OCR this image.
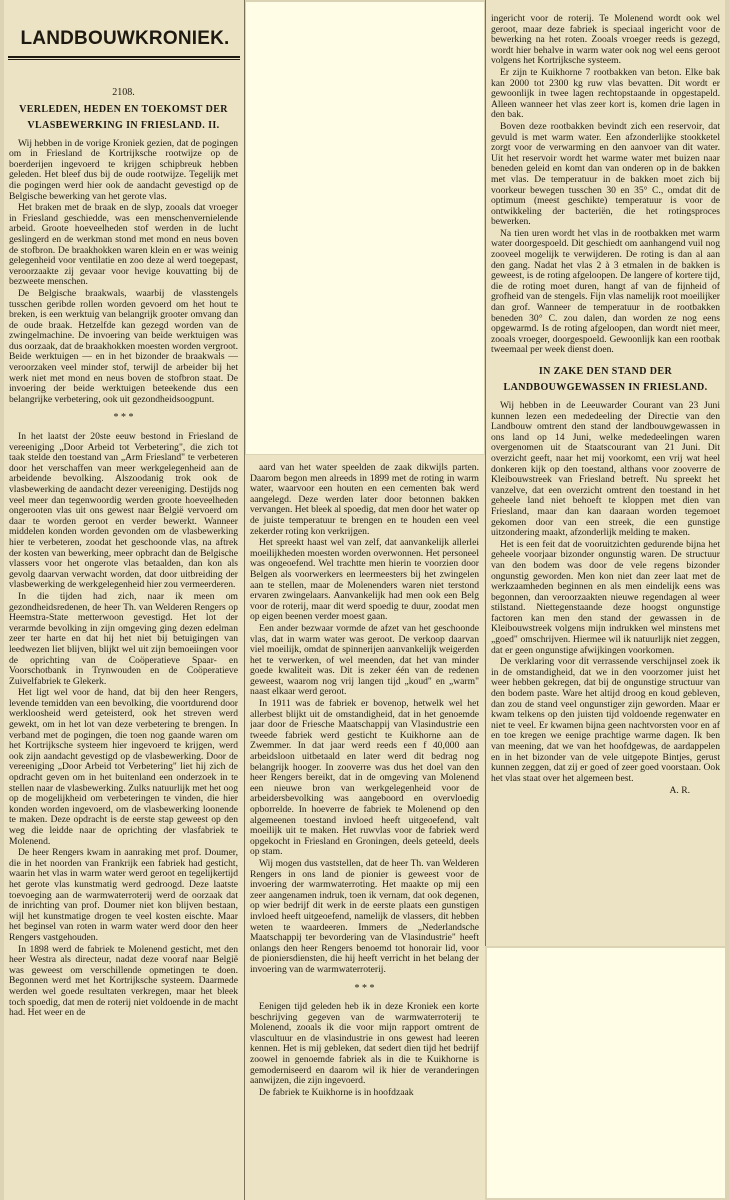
LANDBOUWKRONIEK.
2108.
VERLEDEN, HEDEN EN TOEKOMST DER VLASBEWERKING IN FRIESLAND. II.

Wij hebben in de vorige Kroniek gezien, dat de pogingen om in Friesland de Kortrijksche rootwijze op de boerderijen ingevoerd te krijgen schipbreuk hebben geleden. Het bleef dus bij de oude rootwijze. Tegelijk met die pogingen werd hier ook de aandacht gevestigd op de Belgische bewerking van het gerote vlas.

Het braken met de braak en de slyp, zooals dat vroeger in Friesland geschiedde, was een menschenvernielende arbeid. Groote hoeveelheden stof werden in de lucht geslingerd en de werkman stond met mond en neus boven de stofbron. De braakhokken waren klein en er was weinig gelegenheid voor ventilatie en zoo deze al werd toegepast, veroorzaakte zij gevaar voor hevige kouvatting bij de bezweete menschen.

De Belgische braakwals, waarbij de vlasstengels tusschen geribde rollen worden gevoerd om het hout te breken, is een werktuig van belangrijk grooter omvang dan de oude braak. Hetzelfde kan gezegd worden van de zwingelmachine. De invoering van beide werktuigen was dus oorzaak, dat de braakhokken moesten worden vergroot. Beide werktuigen — en in het bizonder de braakwals — veroorzaken veel minder stof, terwijl de arbeider bij het werk niet met mond en neus boven de stofbron staat. De invoering der beide werktuigen beteekende dus een belangrijke verbetering, ook uit gezondheidsoogpunt.

* * *

In het laatst der 20ste eeuw bestond in Friesland de vereeniging „Door Arbeid tot Verbetering", die zich tot taak stelde den toestand van „Arm Friesland" te verbeteren door het verschaffen van meer werkgelegenheid aan de arbeidende bevolking. Alszoodanig trok ook de vlasbewerking de aandacht dezer vereeniging. Destijds nog veel meer dan tegenwoordig werden groote hoeveelheden ongerooten vlas uit ons gewest naar België vervoerd om daar te worden geroot en verder bewerkt. Wanneer middelen konden worden gevonden om de vlasbewerking hier te verbeteren, zoodat het geschoonde vlas, na aftrek der kosten van bewerking, meer opbracht dan de Belgische vlassers voor het ongerote vlas betaalden, dan kon als gevolg daarvan verwacht worden, dat door uitbreiding der vlasbewerking de werkgelegenheid hier zou vermeerderen.

In die tijden had zich, naar ik meen om gezondheidsredenen, de heer Th. van Welderen Rengers op Heemstra-State metterwoon gevestigd. Het lot der verarmde bevolking in zijn omgeving ging dezen edelman zeer ter harte en dat hij het niet bij betuigingen van leedwezen liet blijven, blijkt wel uit zijn bemoeiingen voor de oprichting van de Coöperatieve Spaar- en Voorschotbank in Trynwouden en de Coöperatieve Zuivelfabriek te Glekerk.

Het ligt wel voor de hand, dat bij den heer Rengers, levende temidden van een bevolking, die voortdurend door werkloosheid werd geteisterd, ook het streven werd gewekt, om in het lot van deze verbetering te brengen. In verband met de pogingen, die toen nog gaande waren om het Kortrijksche systeem hier ingevoerd te krijgen, werd ook zijn aandacht gevestigd op de vlasbewerking. Door de vereeniging „Door Arbeid tot Verbetering" liet hij zich de opdracht geven om in het buitenland een onderzoek in te stellen naar de vlasbewerking. Zulks natuurlijk met het oog op de mogelijkheid om verbeteringen te vinden, die hier konden worden ingevoerd, om de vlasbewerking loonende te maken. Deze opdracht is de eerste stap geweest op den weg die leidde naar de oprichting der vlasfabriek te Molenend.

De heer Rengers kwam in aanraking met prof. Doumer, die in het noorden van Frankrijk een fabriek had gesticht, waarin het vlas in warm water werd geroot en tegelijkertijd het gerote vlas kunstmatig werd gedroogd. Deze laatste toevoeging aan de warmwaterroterij werd de oorzaak dat de inrichting van prof. Doumer niet kon blijven bestaan, wijl het kunstmatige drogen te veel kosten eischte. Maar het beginsel van roten in warm water werd door den heer Rengers vastgehouden.

In 1898 werd de fabriek te Molenend gesticht, met den heer Westra als directeur, nadat deze vooraf naar België was geweest om verschillende opmetingen te doen. Begonnen werd met het Kortrijksche systeem. Daarmede werden wel goede resultaten verkregen, maar het bleek toch spoedig, dat men de roterij niet voldoende in de macht had. Het weer en de

aard van het water speelden de zaak dikwijls parten. Daarom begon men alreeds in 1899 met de roting in warm water, waarvoor een houten en een cementen bak werd aangelegd. Deze werden later door betonnen bakken vervangen. Het bleek al spoedig, dat men door het water op de juiste temperatuur te brengen en te houden een veel zekerder roting kon verkrijgen.

Het spreekt haast wel van zelf, dat aanvankelijk allerlei moeilijkheden moesten worden overwonnen. Het personeel was ongeoefend. Wel trachtte men hierin te voorzien door Belgen als voorwerkers en leermeesters bij het zwingelen aan te stellen, maar de Molenenders waren niet terstond ervaren zwingelaars. Aanvankelijk had men ook een Belg voor de roterij, maar dit werd spoedig te duur, zoodat men op eigen beenen verder moest gaan.

Een ander bezwaar vormde de afzet van het geschoonde vlas, dat in warm water was geroot. De verkoop daarvan viel moeilijk, omdat de spinnerijen aanvankelijk weigerden het te verwerken, of wel meenden, dat het van minder goede kwaliteit was. Dit is zeker één van de redenen geweest, waarom nog vrij langen tijd „koud" en „warm" naast elkaar werd geroot.

In 1911 was de fabriek er bovenop, hetwelk wel het allerbest blijkt uit de omstandigheid, dat in het genoemde jaar door de Friesche Maatschappij van Vlasindustrie een tweede fabriek werd gesticht te Kuikhorne aan de Zwemmer. In dat jaar werd reeds een f 40,000 aan arbeidsloon uitbetaald en later werd dit bedrag nog belangrijk hooger. In zooverre was dus het doel van den heer Rengers bereikt, dat in de omgeving van Molenend een nieuwe bron van werkgelegenheid voor de arbeidersbevolking was aangeboord en overvloedig opborrelde. In hoeverre de fabriek te Molenend op den algemeenen toestand invloed heeft uitgeoefend, valt moeilijk uit te maken. Het ruwvlas voor de fabriek werd opgekocht in Friesland en Groningen, deels geteeld, deels op stam.

Wij mogen dus vaststellen, dat de heer Th. van Welderen Rengers in ons land de pionier is geweest voor de invoering der warmwaterroting. Het maakte op mij een zeer aangenamen indruk, toen ik vernam, dat ook degenen, op wier bedrijf dit werk in de eerste plaats een gunstigen invloed heeft uitgeoefend, namelijk de vlassers, dit hebben weten te waardeeren. Immers de „Nederlandsche Maatschappij ter bevordering van de Vlasindustrie" heeft onlangs den heer Rengers benoemd tot honorair lid, voor de pioniersdiensten, die hij heeft verricht in het belang der invoering van de warmwaterroterij.

* * *

Eenigen tijd geleden heb ik in deze Kroniek een korte beschrijving gegeven van de warmwaterroterij te Molenend, zooals ik die voor mijn rapport omtrent de vlascultuur en de vlasindustrie in ons gewest had leeren kennen. Het is mij gebleken, dat sedert dien tijd het bedrijf zoowel in genoemde fabriek als in die te Kuikhorne is gemoderniseerd en daarom wil ik hier de veranderingen aanwijzen, die zijn ingevoerd.

De fabriek te Kuikhorne is in hoofdzaak

ingericht voor de roterij. Te Molenend wordt ook wel geroot, maar deze fabriek is speciaal ingericht voor de bewerking na het roten. Zooals vroeger reeds is gezegd, wordt hier behalve in warm water ook nog wel eens geroot volgens het Kortrijksche systeem.

Er zijn te Kuikhorne 7 rootbakken van beton. Elke bak kan 2000 tot 2300 kg ruw vlas bevatten. Dit wordt er gewoonlijk in twee lagen rechtopstaande in opgestapeld. Alleen wanneer het vlas zeer kort is, komen drie lagen in den bak.

Boven deze rootbakken bevindt zich een reservoir, dat gevuld is met warm water. Een afzonderlijke stookketel zorgt voor de verwarming en den aanvoer van dit water. Uit het reservoir wordt het warme water met buizen naar beneden geleid en komt dan van onderen op in de bakken met vlas. De temperatuur in de bakken moet zich bij voorkeur bewegen tusschen 30 en 35° C., omdat dit de optimum (meest geschikte) temperatuur is voor de ontwikkeling der bacteriën, die het rotingsproces bewerken.

Na tien uren wordt het vlas in de rootbakken met warm water doorgespoeld. Dit geschiedt om aanhangend vuil nog zooveel mogelijk te verwijderen. De roting is dan al aan den gang. Nadat het vlas 2 à 3 etmalen in de bakken is geweest, is de roting afgeloopen. De langere of kortere tijd, die de roting moet duren, hangt af van de fijnheid of grofheid van de stengels. Fijn vlas namelijk root moeilijker dan grof. Wanneer de temperatuur in de rootbakken beneden 30° C. zou dalen, dan worden ze nog eens opgewarmd. Is de roting afgeloopen, dan wordt niet meer, zooals vroeger, doorgespoeld. Gewoonlijk kan een rootbak tweemaal per week dienst doen.

IN ZAKE DEN STAND DER LANDBOUWGEWASSEN IN FRIESLAND.

Wij hebben in de Leeuwarder Courant van 23 Juni kunnen lezen een mededeeling der Directie van den Landbouw omtrent den stand der landbouwgewassen in ons land op 14 Juni, welke mededeelingen waren overgenomen uit de Staatscourant van 21 Juni. Dit overzicht geeft, naar het mij voorkomt, een vrij wat heel donkeren kijk op den toestand, althans voor zooverre de Kleibouwstreek van Friesland betreft. Nu spreekt het vanzelve, dat een overzicht omtrent den toestand in het geheele land niet behoeft te kloppen met dien van Friesland, maar dan kan daaraan worden tegemoet gekomen door van een streek, die een gunstige uitzondering maakt, afzonderlijk melding te maken.

Het is een feit dat de vooruitzichten gedurende bijna het geheele voorjaar bizonder ongunstig waren. De structuur van den bodem was door de vele regens bizonder ongunstig geworden. Men kon niet dan zeer laat met de werkzaamheden beginnen en als men eindelijk eens was begonnen, dan veroorzaakten nieuwe regendagen al weer stilstand. Niettegenstaande deze hoogst ongunstige factoren kan men den stand der gewassen in de Kleibouwstreek volgens mijn indrukken wel minstens met „goed" omschrijven. Hiermee wil ik natuurlijk niet zeggen, dat er geen ongunstige afwijkingen voorkomen.

De verklaring voor dit verrassende verschijnsel zoek ik in de omstandigheid, dat we in den voorzomer juist het weer hebben gekregen, dat bij de ongunstige structuur van den bodem paste. Ware het altijd droog en koud gebleven, dan zou de stand veel ongunstiger zijn geworden. Maar er kwam telkens op den juisten tijd voldoende regenwater en niet te veel. Er kwamen bijna geen nachtvorsten voor en af en toe kregen we eenige prachtige warme dagen. Ik ben van meening, dat we van het hoofdgewas, de aardappelen en in het bizonder van de vele uitgepote Bintjes, gerust kunnen zeggen, dat zij er goed of zeer goed voorstaan. Ook het vlas staat over het algemeen best.

A. R.
